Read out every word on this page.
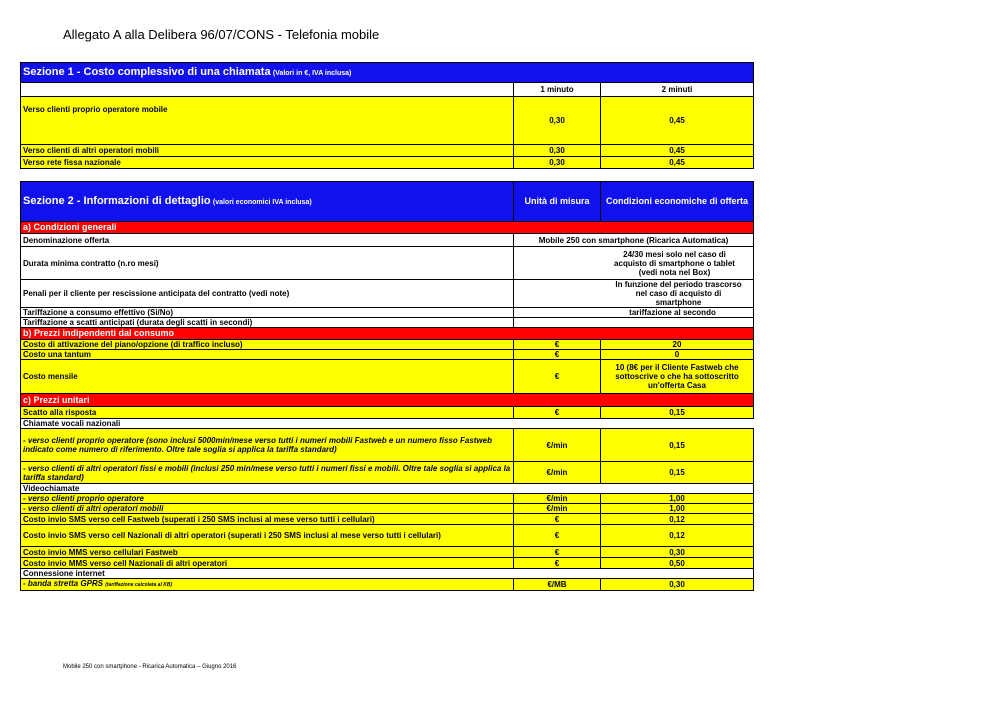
Allegato A alla Delibera 96/07/CONS - Telefonia mobile
Sezione 1 - Costo complessivo di una chiamata (Valori in €, IVA inclusa)		
	1 minuto	2 minuti
Verso clienti proprio operatore mobile	0,30	0,45
Verso clienti di altri operatori mobili	0,30	0,45
Verso rete fissa nazionale	0,30	0,45
Sezione 2 - Informazioni di dettaglio (valori economici IVA inclusa)	Unità di misura	Condizioni economiche di offerta
a) Condizioni generali		
Denominazione offerta	Mobile 250 con smartphone (Ricarica Automatica)	
Durata minima contratto (n.ro mesi)	24/30 mesi solo nel caso di acquisto di smartphone o tablet (vedi nota nel Box)	
Penali per il cliente per rescissione anticipata del contratto (vedi note)	In funzione del periodo trascorso nel caso di acquisto di smartphone	
Tariffazione a consumo effettivo (Si/No)	tariffazione al secondo	
Tariffazione a scatti anticipati (durata degli scatti in secondi)		
b) Prezzi indipendenti dal consumo		
Costo di attivazione del piano/opzione (di traffico incluso)	€	20
Costo una tantum	€	0
Costo mensile	€	10 (8€ per il Cliente Fastweb che sottoscrive o che ha sottoscritto un'offerta Casa
c) Prezzi unitari		
Scatto alla risposta	€	0,15
Chiamate vocali nazionali		
- verso clienti proprio operatore (sono inclusi 5000min/mese verso tutti i numeri mobili Fastweb e un numero fisso Fastweb indicato come numero di riferimento. Oltre tale soglia si applica la tariffa standard)	€/min	0,15
- verso clienti di altri operatori fissi e mobili (inclusi 250 min/mese verso tutti i numeri fissi e mobili. Oltre tale soglia si applica la tariffa standard)	€/min	0,15
Videochiamate		
- verso clienti proprio operatore	€/min	1,00
- verso clienti di altri operatori mobili	€/min	1,00
Costo invio SMS verso cell Fastweb (superati i 250 SMS inclusi al mese verso tutti i cellulari)	€	0,12
Costo invio SMS verso cell Nazionali di altri operatori (superati i 250 SMS inclusi al mese verso tutti i cellulari)	€	0,12
Costo invio MMS verso cellulari Fastweb	€	0,30
Costo invio MMS verso cell Nazionali di altri operatori	€	0,50
Connessione internet		
- banda stretta GPRS (tariffazione calcolata al KB)	€/MB	0,30
Mobile 250 con smartphone - Ricarica Automatica – Giugno 2016
